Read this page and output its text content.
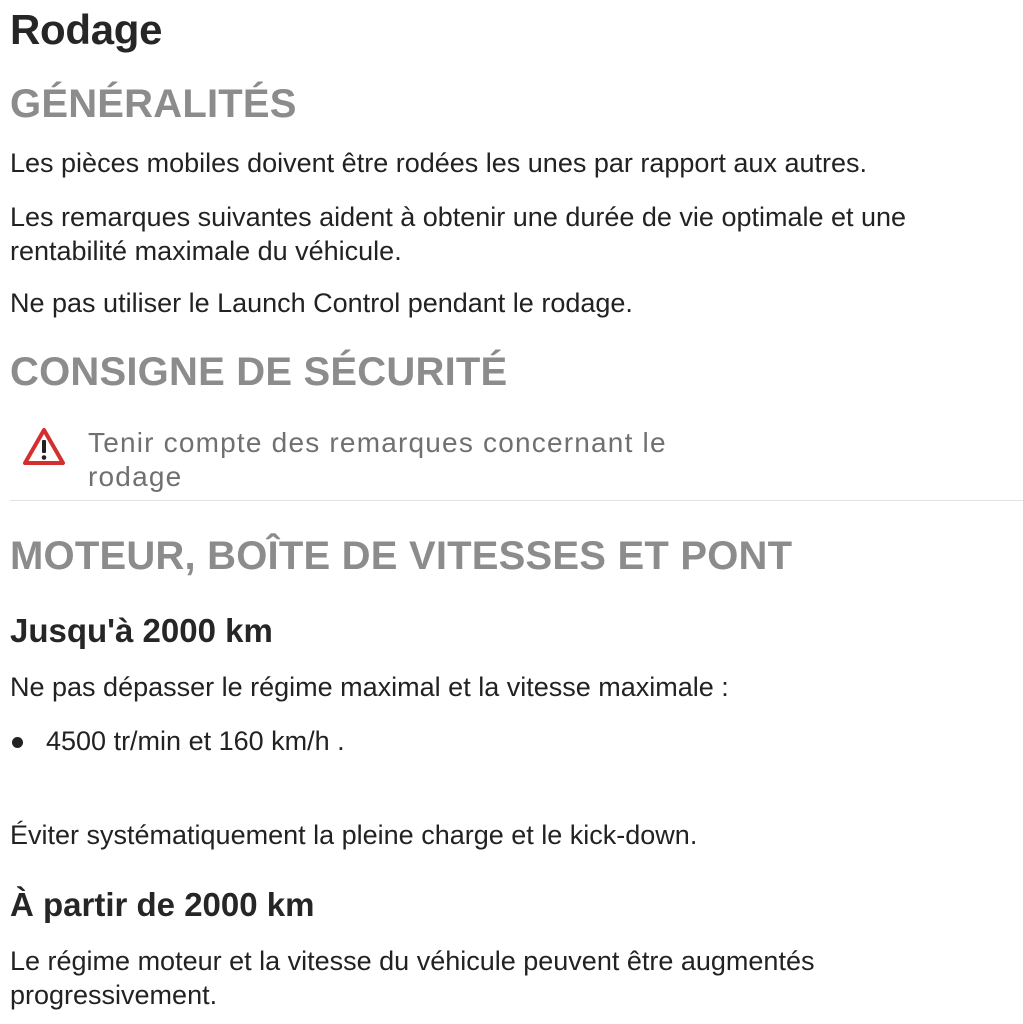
Rodage
GÉNÉRALITÉS

Les pièces mobiles doivent être rodées les unes par rapport aux autres.

Les remarques suivantes aident à obtenir une durée de vie optimale et une

rentabilité maximale du véhicule.

Ne pas utiliser le Launch Control pendant le rodage.

CONSIGNE DE SÉCURITÉ

Tenir compte des remarques concernant le

rodage

MOTEUR, BOÎTE DE VITESSES ET PONT
Jusqu'à 2000 km

Ne pas dépasser le régime maximal et la vitesse maximale :

4500 tr/min et 160 km/h .

Éviter systématiquement la pleine charge et le kick-down.

À partir de 2000 km

Le régime moteur et la vitesse du véhicule peuvent être augmentés

progressivement.
